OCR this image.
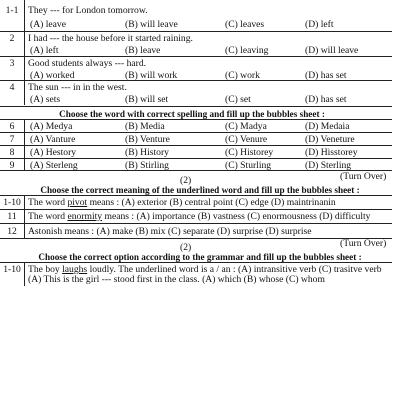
1-1	They --- for London tomorrow.
(A) leave	(B) will leave	(C) leaves	(D) left
2	I had --- the house before it started raining.
(A) left	(B) leave	(C) leaving	(D) will leave
3	Good students always --- hard.
(A) worked	(B) will work	(C) work	(D) has set
4	The sun --- in in the west.
(A) sets	(B) will set	(C) set	(D) has set
Choose the word with correct spelling and fill up the bubbles sheet :
6	(A) Medya	(B) Media	(C) Madya	(D) Medaia
7	(A) Vanture	(B) Venture	(C) Venure	(D) Veneture
8	(A) Hestory	(B) History	(C) Historey	(D) Hisstorey
9	(A) Sterleng	(B) Stirling	(C) Sturling	(D) Sterling
(Turn Over)
(2)
Choose the correct meaning of the underlined word and fill up the bubbles sheet :
1-10 The word pivot means : (A) exterior (B) central point (C) edge (D) maintrinanin
11	The word enormity means : (A) importance (B) vastness (C) enormousness (D) difficulty
12	Astonish means : (A) make (B) mix (C) separate (D) surprise (D) surprise
(Turn Over)
(2)
Choose the correct option according to the grammar and fill up the bubbles sheet :
1-10 The boy laughs loudly. The underlined word is a / an : (A) intransitive verb (C) trasitve verb
(A) This is the girl --- stood first in the class. (A) which (B) whose (C) whom
